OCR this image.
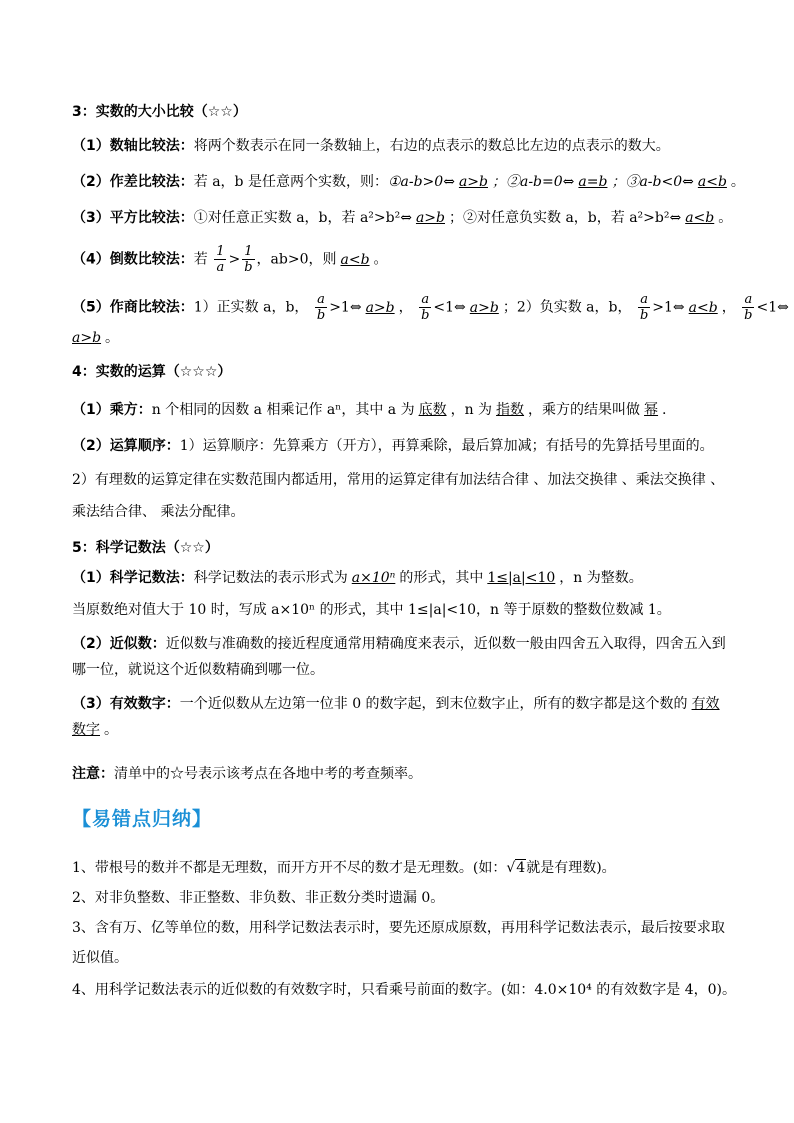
3：实数的大小比较（☆☆）
（1）数轴比较法：将两个数表示在同一条数轴上，右边的点表示的数总比左边的点表示的数大。
（2）作差比较法：若 a，b 是任意两个实数，则：①a-b>0⇔ a>b ；②a-b=0⇔ a=b ；③a-b<0⇔ a<b 。
（3）平方比较法：①对任意正实数 a，b，若 a²>b²⇔ a>b ；②对任意负实数 a，b，若 a²>b²⇔ a<b 。
（4）倒数比较法：若 $\frac{1}{a} > \frac{1}{b}$ ，ab>0，则 a<b 。
（5）作商比较法：1）正实数 a，b， $\frac{a}{b}$ >1⇔ a>b ， $\frac{a}{b}$ <1⇔ a>b ；2）负实数 a，b， $\frac{a}{b}$ >1⇔ a<b ， $\frac{a}{b}$ <1⇔
a>b 。
4：实数的运算（☆☆☆）
（1）乘方：n 个相同的因数 a 相乘记作 aⁿ，其中 a 为 底数 ，n 为 指数 ，乘方的结果叫做 幂 .
（2）运算顺序：1）运算顺序：先算乘方（开方），再算乘除，最后算加减；有括号的先算括号里面的。
2）有理数的运算定律在实数范围内都适用，常用的运算定律有加法结合律 、加法交换律 、乘法交换律 、
乘法结合律、 乘法分配律。
5：科学记数法（☆☆）
（1）科学记数法：科学记数法的表示形式为 a×10ⁿ 的形式，其中 1≤|a|<10 ，n 为整数。
当原数绝对值大于 10 时，写成 a×10ⁿ 的形式，其中 1≤|a|<10，n 等于原数的整数位数减 1。
（2）近似数：近似数与准确数的接近程度通常用精确度来表示，近似数一般由四舍五入取得，四舍五入到
哪一位，就说这个近似数精确到哪一位。
（3）有效数字：一个近似数从左边第一位非 0 的数字起，到末位数字止，所有的数字都是这个数的 有效
数字 。
注意：清单中的☆号表示该考点在各地中考的考查频率。
【易错点归纳】
1、带根号的数并不都是无理数，而开方开不尽的数才是无理数。(如：√4就是有理数)。
2、对非负整数、非正整数、非负数、非正数分类时遗漏 0。
3、含有万、亿等单位的数，用科学记数法表示时，要先还原成原数，再用科学记数法表示，最后按要求取
近似值。
4、用科学记数法表示的近似数的有效数字时，只看乘号前面的数字。(如：4.0×10⁴ 的有效数字是 4，0)。
